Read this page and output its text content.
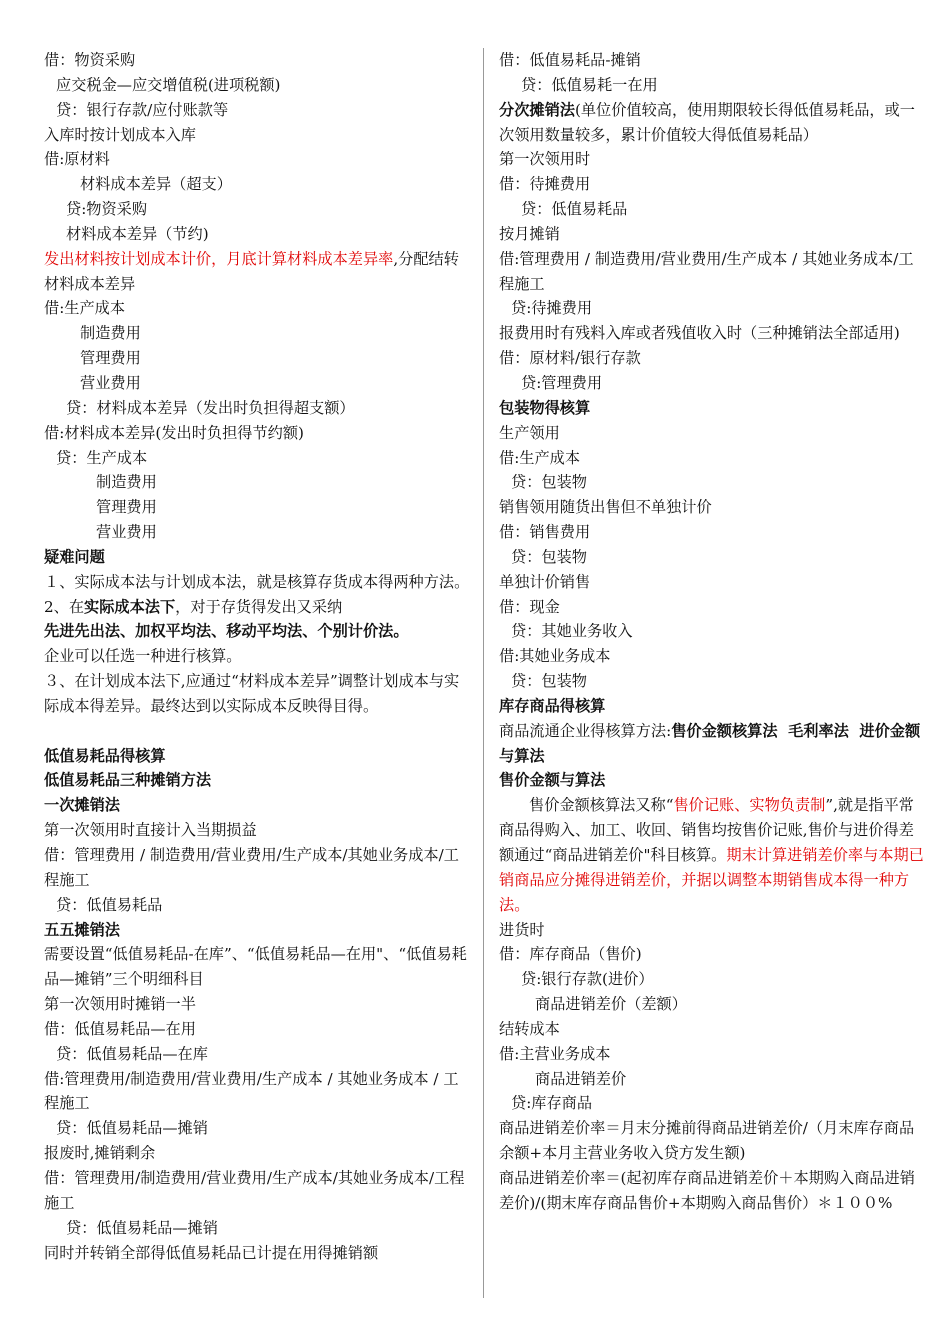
借：物资采购
应交税金—应交增值税(进项税额)
贷：银行存款/应付账款等
入库时按计划成本入库
借:原材料
材料成本差异（超支）
贷:物资采购
材料成本差异（节约)
发出材料按计划成本计价，月底计算材料成本差异率,分配结转材料成本差异
借:生产成本
制造费用
管理费用
营业费用
贷：材料成本差异（发出时负担得超支额）
借:材料成本差异(发出时负担得节约额)
贷：生产成本
制造费用
管理费用
营业费用
疑难问题
１、实际成本法与计划成本法，就是核算存货成本得两种方法。
2、在实际成本法下，对于存货得发出又采纳
先进先出法、加权平均法、移动平均法、个别计价法。
企业可以任选一种进行核算。
３、在计划成本法下,应通过“材料成本差异”调整计划成本与实际成本得差异。最终达到以实际成本反映得目得。
低值易耗品得核算
低值易耗品三种摊销方法
一次摊销法
第一次领用时直接计入当期损益
借：管理费用 / 制造费用/营业费用/生产成本/其她业务成本/工程施工
贷：低值易耗品
五五摊销法
需要设置“低值易耗品-在库”、“低值易耗品—在用"、“低值易耗品—摊销”三个明细科目
第一次领用时摊销一半
借：低值易耗品—在用
贷：低值易耗品—在库
借:管理费用/制造费用/营业费用/生产成本 / 其她业务成本 / 工程施工
贷：低值易耗品—摊销
报废时,摊销剩余
借：管理费用/制造费用/营业费用/生产成本/其她业务成本/工程施工
贷：低值易耗品—摊销
同时并转销全部得低值易耗品已计提在用得摊销额
借：低值易耗品-摊销
贷：低值易耗一在用
分次摊销法(单位价值较高，使用期限较长得低值易耗品，或一次领用数量较多，累计价值较大得低值易耗品）
第一次领用时
借：待摊费用
贷：低值易耗品
按月摊销
借:管理费用 / 制造费用/营业费用/生产成本 / 其她业务成本/工程施工
贷:待摊费用
报费用时有残料入库或者残值收入时（三种摊销法全部适用)
借：原材料/银行存款
贷:管理费用
包装物得核算
生产领用
借:生产成本
贷：包装物
销售领用随货出售但不单独计价
借：销售费用
贷：包装物
单独计价销售
借：现金
贷：其她业务收入
借:其她业务成本
贷：包装物
库存商品得核算
商品流通企业得核算方法:售价金额核算法  毛利率法  进价金额与算法
售价金额与算法
售价金额核算法又称“售价记账、实物负责制”,就是指平常商品得购入、加工、收回、销售均按售价记账,售价与进价得差额通过“商品进销差价"科目核算。期末计算进销差价率与本期已销商品应分摊得进销差价，并据以调整本期销售成本得一种方法。
进货时
借：库存商品（售价)
贷:银行存款(进价）
商品进销差价（差额）
结转成本
借:主营业务成本
商品进销差价
贷:库存商品
商品进销差价率＝月末分摊前得商品进销差价/（月末库存商品余额+本月主营业务收入贷方发生额)
商品进销差价率＝(起初库存商品进销差价＋本期购入商品进销差价)/(期末库存商品售价+本期购入商品售价）＊１００%
